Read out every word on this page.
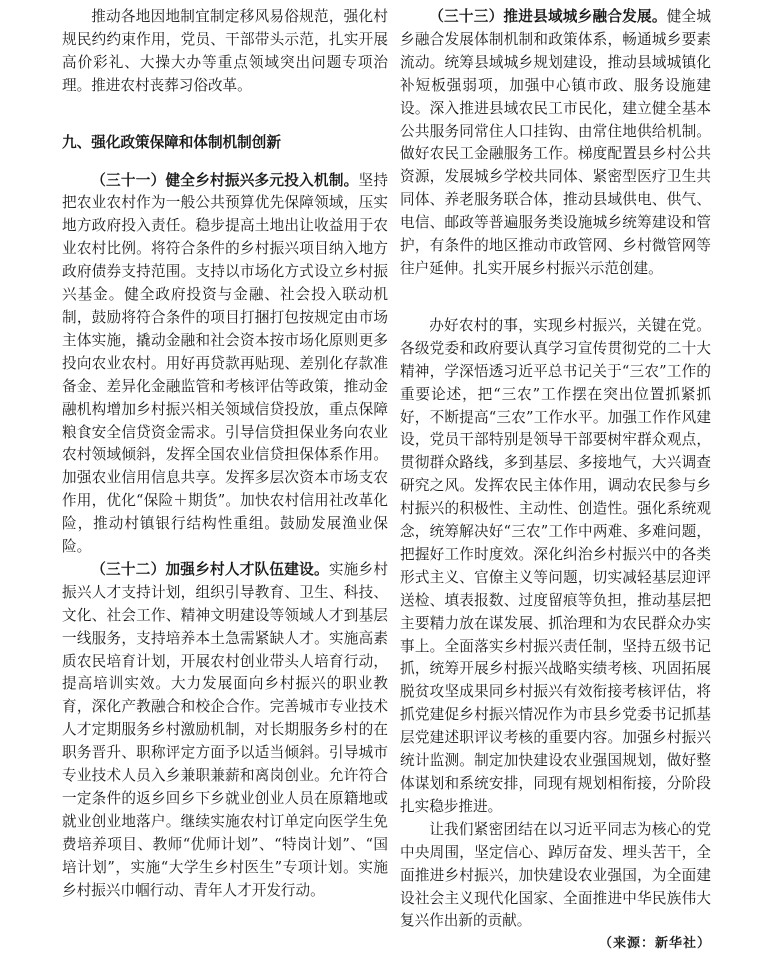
推动各地因地制宜制定移风易俗规范，强化村规民约约束作用，党员、干部带头示范，扎实开展高价彩礼、大操大办等重点领域突出问题专项治理。推进农村丧葬习俗改革。

九、强化政策保障和体制机制创新

（三十一）健全乡村振兴多元投入机制。坚持把农业农村作为一般公共预算优先保障领域，压实地方政府投入责任。稳步提高土地出让收益用于农业农村比例。将符合条件的乡村振兴项目纳入地方政府债券支持范围。支持以市场化方式设立乡村振兴基金。健全政府投资与金融、社会投入联动机制，鼓励将符合条件的项目打捆打包按规定由市场主体实施，撬动金融和社会资本按市场化原则更多投向农业农村。用好再贷款再贴现、差别化存款准备金、差异化金融监管和考核评估等政策，推动金融机构增加乡村振兴相关领域信贷投放，重点保障粮食安全信贷资金需求。引导信贷担保业务向农业农村领域倾斜，发挥全国农业信贷担保体系作用。加强农业信用信息共享。发挥多层次资本市场支农作用，优化“保险＋期货”。加快农村信用社改革化险，推动村镇银行结构性重组。鼓励发展渔业保险。

（三十二）加强乡村人才队伍建设。实施乡村振兴人才支持计划，组织引导教育、卫生、科技、文化、社会工作、精神文明建设等领域人才到基层一线服务，支持培养本土急需紧缺人才。实施高素质农民培育计划，开展农村创业带头人培育行动，提高培训实效。大力发展面向乡村振兴的职业教育，深化产教融合和校企合作。完善城市专业技术人才定期服务乡村激励机制，对长期服务乡村的在职务晋升、职称评定方面予以适当倾斜。引导城市专业技术人员入乡兼职兼薪和离岗创业。允许符合一定条件的返乡回乡下乡就业创业人员在原籍地或就业创业地落户。继续实施农村订单定向医学生免费培养项目、教师“优师计划”、“特岗计划”、“国培计划”，实施“大学生乡村医生”专项计划。实施乡村振兴巾帼行动、青年人才开发行动。

（三十三）推进县域城乡融合发展。健全城乡融合发展体制机制和政策体系，畅通城乡要素流动。统筹县域城乡规划建设，推动县域城镇化补短板强弱项，加强中心镇市政、服务设施建设。深入推进县域农民工市民化，建立健全基本公共服务同常住人口挂钩、由常住地供给机制。做好农民工金融服务工作。梯度配置县乡村公共资源，发展城乡学校共同体、紧密型医疗卫生共同体、养老服务联合体，推动县域供电、供气、电信、邮政等普遍服务类设施城乡统筹建设和管护，有条件的地区推动市政管网、乡村微管网等往户延伸。扎实开展乡村振兴示范创建。

办好农村的事，实现乡村振兴，关键在党。各级党委和政府要认真学习宣传贯彻党的二十大精神，学深悟透习近平总书记关于“三农”工作的重要论述，把“三农”工作摆在突出位置抓紧抓好，不断提高“三农”工作水平。加强工作作风建设，党员干部特别是领导干部要树牢群众观点，贯彻群众路线，多到基层、多接地气，大兴调查研究之风。发挥农民主体作用，调动农民参与乡村振兴的积极性、主动性、创造性。强化系统观念，统筹解决好“三农”工作中两难、多难问题，把握好工作时度效。深化纠治乡村振兴中的各类形式主义、官僚主义等问题，切实减轻基层迎评送检、填表报数、过度留痕等负担，推动基层把主要精力放在谋发展、抓治理和为农民群众办实事上。全面落实乡村振兴责任制，坚持五级书记抓，统筹开展乡村振兴战略实绩考核、巩固拓展脱贫攻坚成果同乡村振兴有效衔接考核评估，将抓党建促乡村振兴情况作为市县乡党委书记抓基层党建述职评议考核的重要内容。加强乡村振兴统计监测。制定加快建设农业强国规划，做好整体谋划和系统安排，同现有规划相衔接，分阶段扎实稳步推进。

让我们紧密团结在以习近平同志为核心的党中央周围，坚定信心、踔厉奋发、埋头苦干，全面推进乡村振兴，加快建设农业强国，为全面建设社会主义现代化国家、全面推进中华民族伟大复兴作出新的贡献。

（来源：新华社）
